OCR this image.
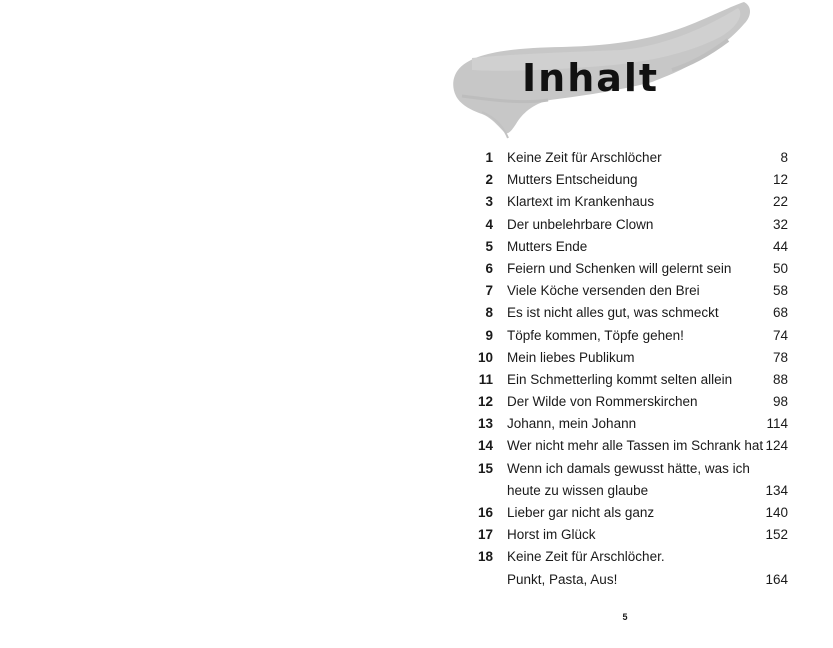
Inhalt
1 Keine Zeit für Arschlöcher	8
2 Mutters Entscheidung	12
3 Klartext im Krankenhaus	22
4 Der unbelehrbare Clown	32
5 Mutters Ende	44
6 Feiern und Schenken will gelernt sein	50
7 Viele Köche versenden den Brei	58
8 Es ist nicht alles gut, was schmeckt	68
9 Töpfe kommen, Töpfe gehen!	74
10 Mein liebes Publikum	78
11 Ein Schmetterling kommt selten allein	88
12 Der Wilde von Rommerskirchen	98
13 Johann, mein Johann	114
14 Wer nicht mehr alle Tassen im Schrank hat 124
15 Wenn ich damals gewusst hätte, was ich
heute zu wissen glaube	134
16 Lieber gar nicht als ganz	140
17 Horst im Glück	152
18 Keine Zeit für Arschlöcher.
Punkt, Pasta, Aus!	164
5
